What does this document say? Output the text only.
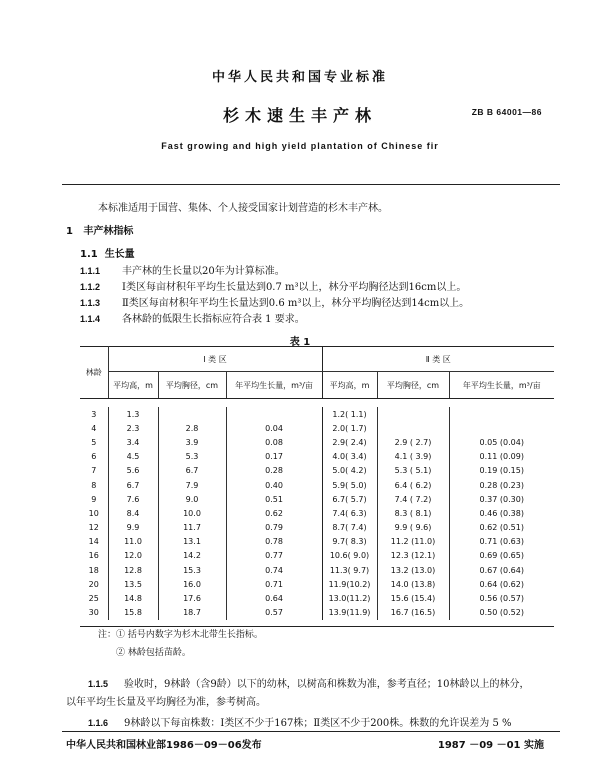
中华人民共和国专业标准
杉木速生丰产林	ZB B 64001—86
Fast growing and high yield plantation of Chinese fir
本标准适用于国营、集体、个人接受国家计划营造的杉木丰产林。
1 丰产林指标
1.1 生长量
1.1.1 丰产林的生长量以20年为计算标准。
1.1.2 Ⅰ类区每亩材积年平均生长量达到0.7 m³以上，林分平均胸径达到16cm以上。
1.1.3 Ⅱ类区每亩材积年平均生长量达到0.6 m³以上，林分平均胸径达到14cm以上。
1.1.4 各林龄的低限生长指标应符合表 1 要求。
表 1
林龄	Ⅰ 类 区			Ⅱ 类 区		
	平均高，m	平均胸径，cm	年平均生长量，m³/亩	平均高，m	平均胸径，cm	年平均生长量，m³/亩

3	1.3			1.2( 1.1)		
4	2.3	2.8	0.04	2.0( 1.7)		
5	3.4	3.9	0.08	2.9( 2.4)	2.9 ( 2.7)	0.05 (0.04)
6	4.5	5.3	0.17	4.0( 3.4)	4.1 ( 3.9)	0.11 (0.09)
7	5.6	6.7	0.28	5.0( 4.2)	5.3 ( 5.1)	0.19 (0.15)
8	6.7	7.9	0.40	5.9( 5.0)	6.4 ( 6.2)	0.28 (0.23)
9	7.6	9.0	0.51	6.7( 5.7)	7.4 ( 7.2)	0.37 (0.30)
10	8.4	10.0	0.62	7.4( 6.3)	8.3 ( 8.1)	0.46 (0.38)
12	9.9	11.7	0.79	8.7( 7.4)	9.9 ( 9.6)	0.62 (0.51)
14	11.0	13.1	0.78	9.7( 8.3)	11.2 (11.0)	0.71 (0.63)
16	12.0	14.2	0.77	10.6( 9.0)	12.3 (12.1)	0.69 (0.65)
18	12.8	15.3	0.74	11.3( 9.7)	13.2 (13.0)	0.67 (0.64)
20	13.5	16.0	0.71	11.9(10.2)	14.0 (13.8)	0.64 (0.62)
25	14.8	17.6	0.64	13.0(11.2)	15.6 (15.4)	0.56 (0.57)
30	15.8	18.7	0.57	13.9(11.9)	16.7 (16.5)	0.50 (0.52)

注：① 括号内数字为杉木北带生长指标。
② 林龄包括苗龄。
1.1.5 验收时，9林龄（含9龄）以下的幼林，以树高和株数为准，参考直径；10林龄以上的林分，
以年平均生长量及平均胸径为准，参考树高。
1.1.6 9林龄以下每亩株数：Ⅰ类区不少于167株；Ⅱ类区不少于200株。株数的允许误差为 5 %
中华人民共和国林业部1986－09－06发布	1987 －09 －01 实施
